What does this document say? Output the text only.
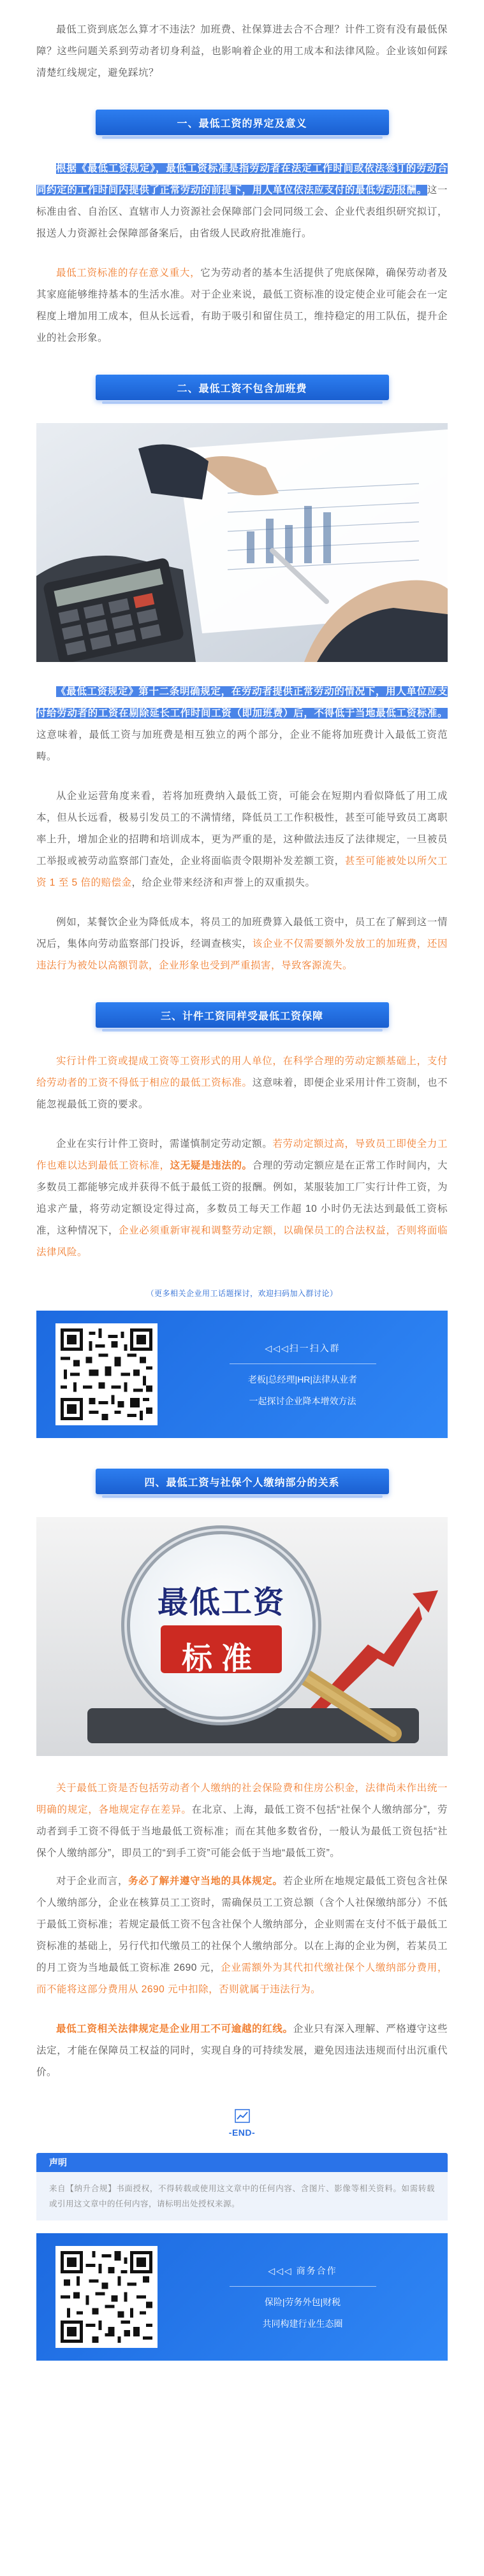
最低工资到底怎么算才不违法？加班费、社保算进去合不合理？计件工资有没有最低保障？这些问题关系到劳动者切身利益，也影响着企业的用工成本和法律风险。企业该如何踩清楚红线规定，避免踩坑？

一、最低工资的界定及意义

根据《最低工资规定》，最低工资标准是指劳动者在法定工作时间或依法签订的劳动合同约定的工作时间内提供了正常劳动的前提下，用人单位依法应支付的最低劳动报酬。这一标准由省、自治区、直辖市人力资源社会保障部门会同同级工会、企业代表组织研究拟订，报送人力资源社会保障部备案后，由省级人民政府批准施行。

最低工资标准的存在意义重大，它为劳动者的基本生活提供了兜底保障，确保劳动者及其家庭能够维持基本的生活水准。对于企业来说，最低工资标准的设定使企业可能会在一定程度上增加用工成本，但从长远看，有助于吸引和留住员工，维持稳定的用工队伍，提升企业的社会形象。

二、最低工资不包含加班费

《最低工资规定》第十二条明确规定，在劳动者提供正常劳动的情况下，用人单位应支付给劳动者的工资在剔除延长工作时间工资（即加班费）后，不得低于当地最低工资标准。这意味着，最低工资与加班费是相互独立的两个部分，企业不能将加班费计入最低工资范畴。

从企业运营角度来看，若将加班费纳入最低工资，可能会在短期内看似降低了用工成本，但从长远看，极易引发员工的不满情绪，降低员工工作积极性，甚至可能导致员工离职率上升，增加企业的招聘和培训成本，更为严重的是，这种做法违反了法律规定，一旦被员工举报或被劳动监察部门查处，企业将面临责令限期补发差额工资，甚至可能被处以所欠工资 1 至 5 倍的赔偿金，给企业带来经济和声誉上的双重损失。

例如，某餐饮企业为降低成本，将员工的加班费算入最低工资中，员工在了解到这一情况后，集体向劳动监察部门投诉，经调查核实，该企业不仅需要额外发放工的加班费，还因违法行为被处以高额罚款，企业形象也受到严重损害，导致客源流失。

三、计件工资同样受最低工资保障

实行计件工资或提成工资等工资形式的用人单位，在科学合理的劳动定额基础上，支付给劳动者的工资不得低于相应的最低工资标准。这意味着，即便企业采用计件工资制，也不能忽视最低工资的要求。

企业在实行计件工资时，需谨慎制定劳动定额。若劳动定额过高，导致员工即使全力工作也难以达到最低工资标准，这无疑是违法的。合理的劳动定额应是在正常工作时间内，大多数员工都能够完成并获得不低于最低工资的报酬。例如，某服装加工厂实行计件工资，为追求产量，将劳动定额设定得过高，多数员工每天工作超 10 小时仍无法达到最低工资标准，这种情况下，企业必须重新审视和调整劳动定额，以确保员工的合法权益，否则将面临法律风险。

（更多相关企业用工话题探讨，欢迎扫码加入群讨论）

◁◁◁扫一扫入群
老板|总经理|HR|法律从业者
一起探讨企业降本增效方法
四、最低工资与社保个人缴纳部分的关系
最低工资
标准

关于最低工资是否包括劳动者个人缴纳的社会保险费和住房公积金，法律尚未作出统一明确的规定，各地规定存在差异。在北京、上海，最低工资不包括“社保个人缴纳部分”，劳动者到手工资不得低于当地最低工资标准；而在其他多数省份，一般认为最低工资包括“社保个人缴纳部分”，即员工的“到手工资”可能会低于当地“最低工资”。

对于企业而言，务必了解并遵守当地的具体规定。若企业所在地规定最低工资包含社保个人缴纳部分，企业在核算员工工资时，需确保员工工资总额（含个人社保缴纳部分）不低于最低工资标准；若规定最低工资不包含社保个人缴纳部分，企业则需在支付不低于最低工资标准的基础上，另行代扣代缴员工的社保个人缴纳部分。以在上海的企业为例，若某员工的月工资为当地最低工资标准 2690 元，企业需额外为其代扣代缴社保个人缴纳部分费用，而不能将这部分费用从 2690 元中扣除，否则就属于违法行为。

最低工资相关法律规定是企业用工不可逾越的红线。企业只有深入理解、严格遵守这些法定，才能在保障员工权益的同时，实现自身的可持续发展，避免因违法违规而付出沉重代价。

-END-

声明

来自【纳升合规】书面授权，不得转载或使用这文章中的任何内容、含图片、影像等相关资料。如需转载或引用这文章中的任何内容，请标明出处授权来源。

◁◁◁ 商务合作
保险|劳务外包|财税
共同构建行业生态圈
